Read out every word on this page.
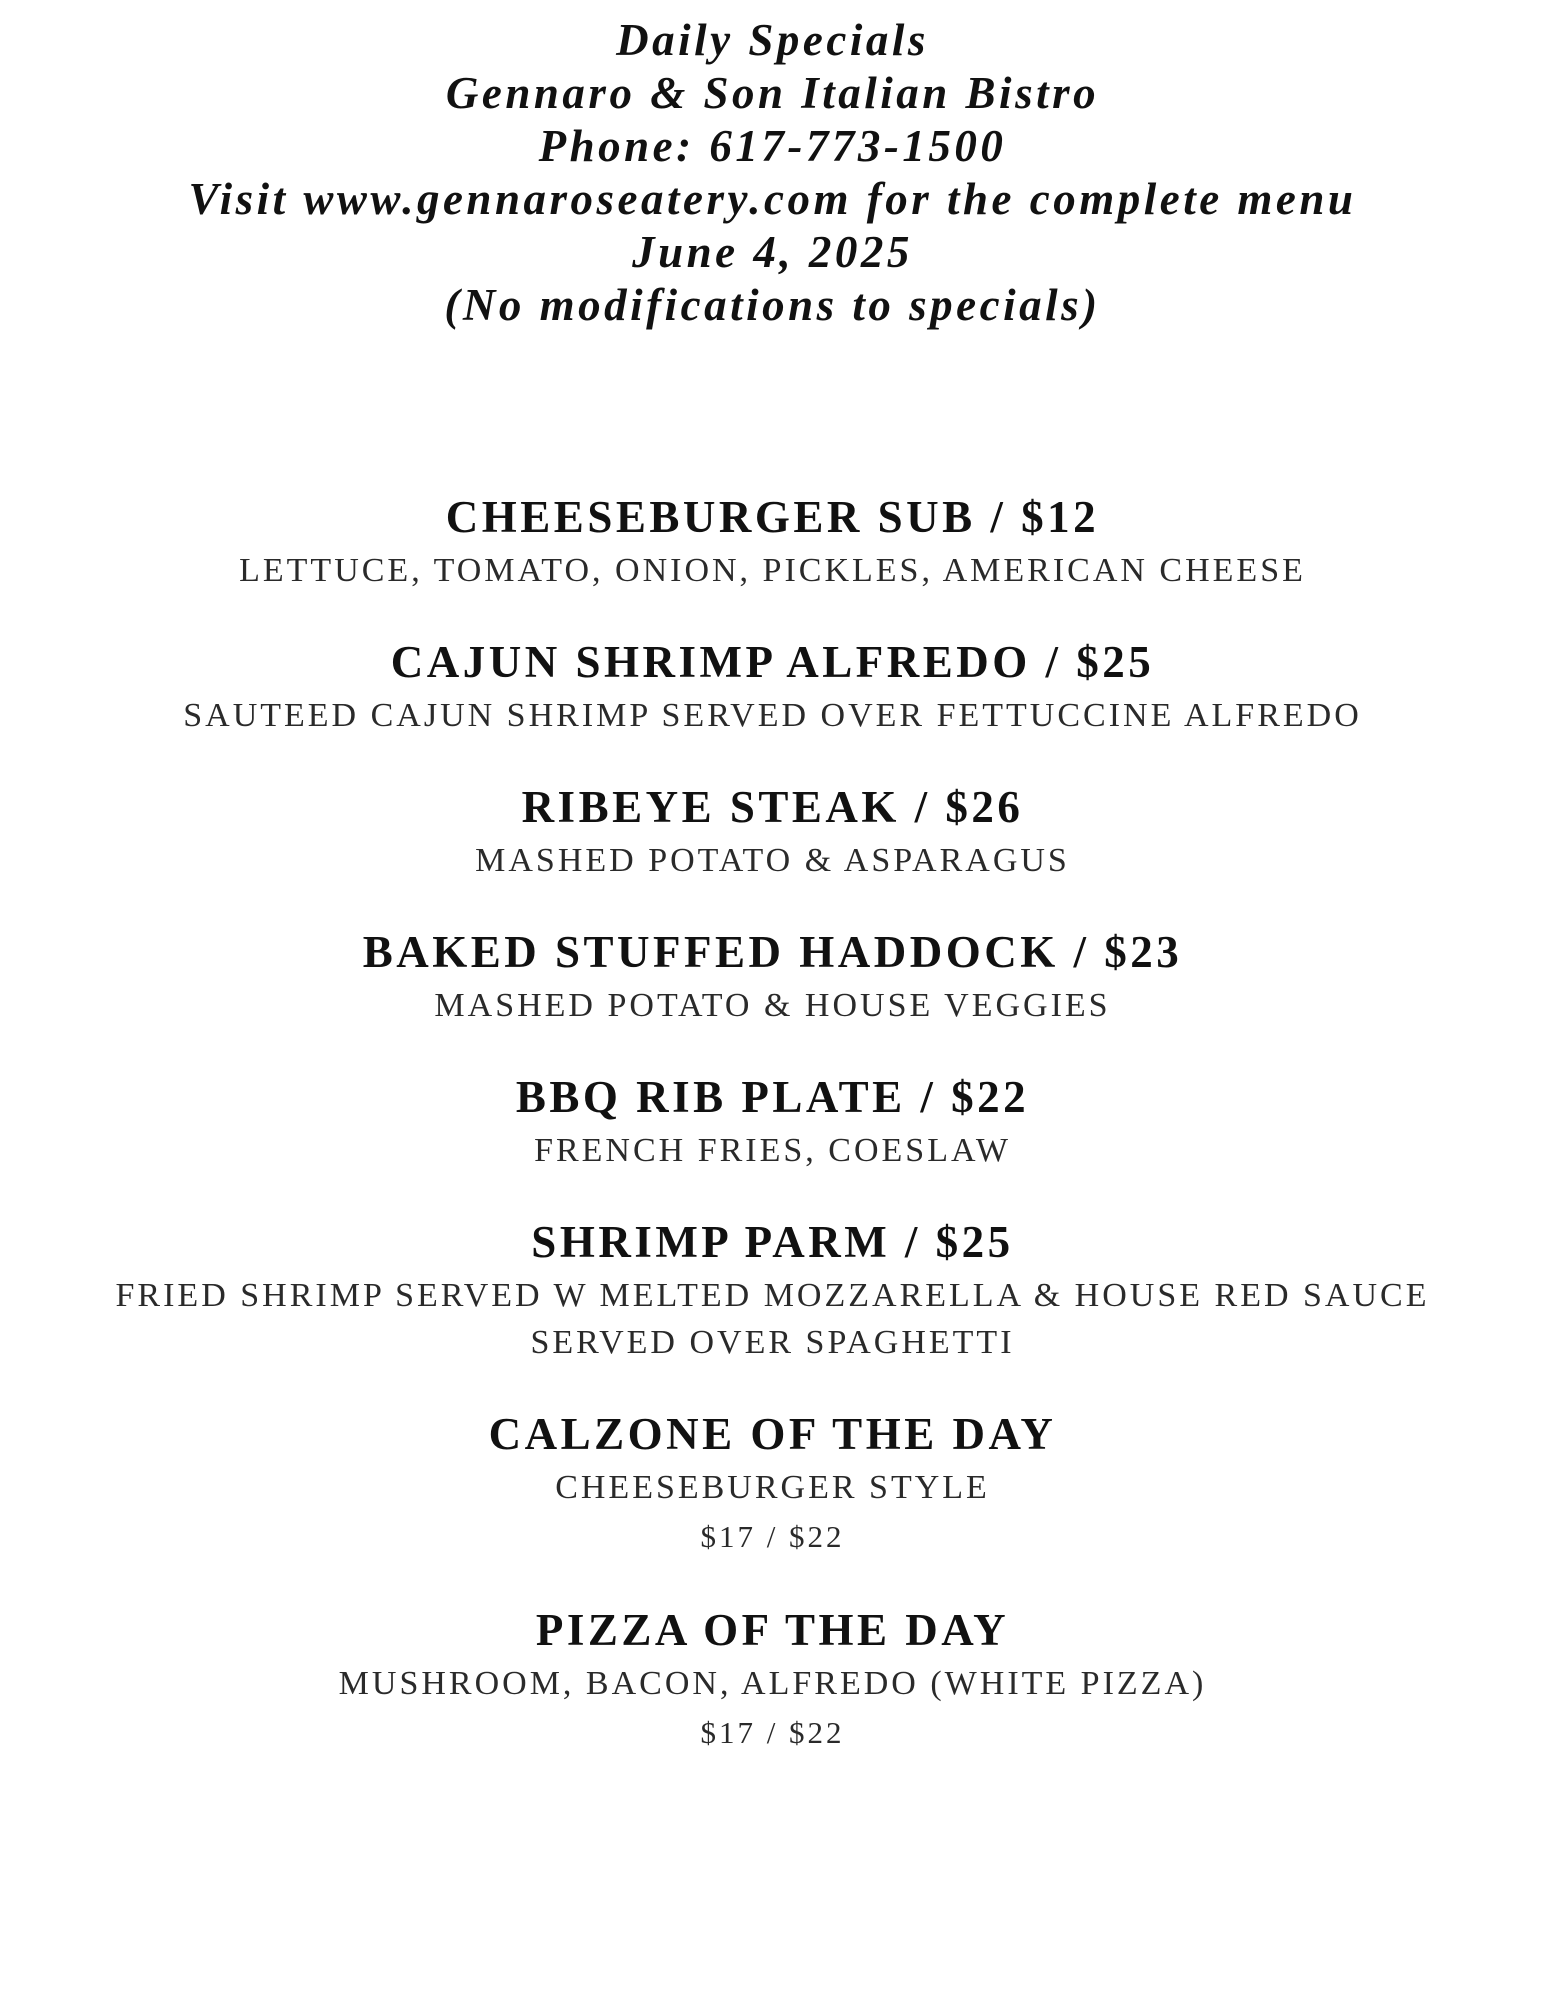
Daily Specials
Gennaro & Son Italian Bistro
Phone: 617-773-1500
Visit www.gennaroseatery.com for the complete menu
June 4, 2025
(No modifications to specials)
CHEESEBURGER SUB / $12
LETTUCE, TOMATO, ONION, PICKLES, AMERICAN CHEESE
CAJUN SHRIMP ALFREDO / $25
SAUTEED CAJUN SHRIMP SERVED OVER FETTUCCINE ALFREDO
RIBEYE STEAK / $26
MASHED POTATO & ASPARAGUS
BAKED STUFFED HADDOCK / $23
MASHED POTATO & HOUSE VEGGIES
BBQ RIB PLATE / $22
FRENCH FRIES, COESLAW
SHRIMP PARM / $25
FRIED SHRIMP SERVED W MELTED MOZZARELLA & HOUSE RED SAUCE
SERVED OVER SPAGHETTI
CALZONE OF THE DAY
CHEESEBURGER STYLE
$17 / $22
PIZZA OF THE DAY
MUSHROOM, BACON, ALFREDO (WHITE PIZZA)
$17 / $22
